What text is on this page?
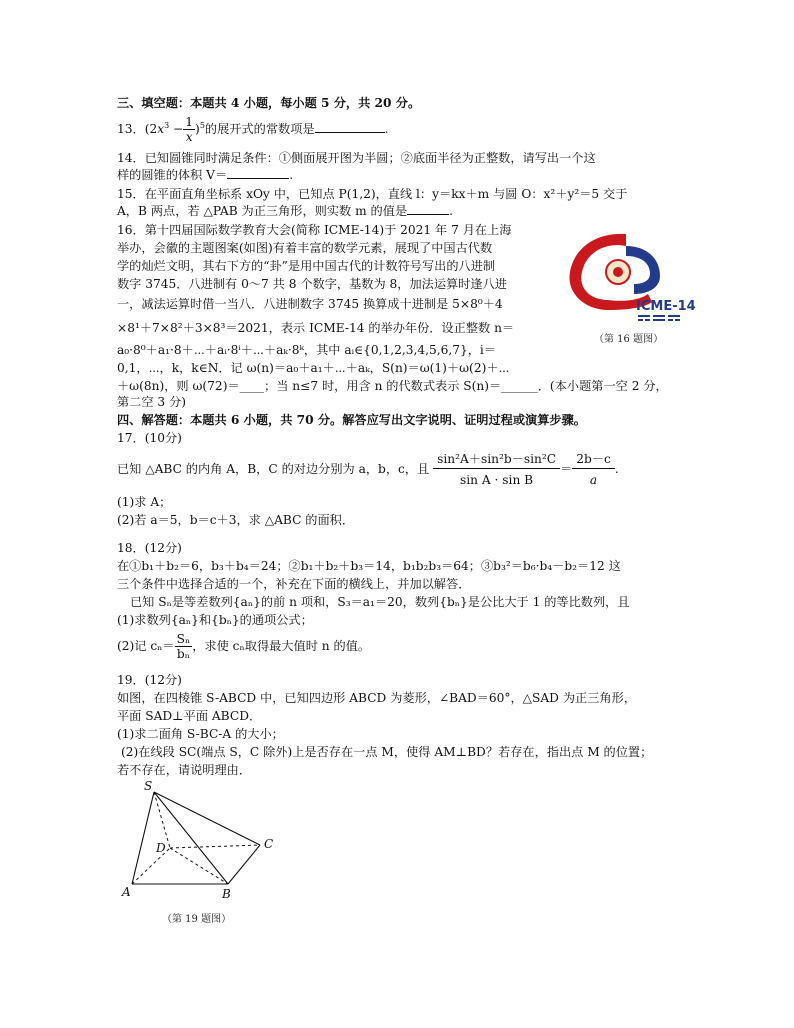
三、填空题：本题共 4 小题，每小题 5 分，共 20 分。
13．$(2x^3 - \frac{1}{x} )^5$的展开式的常数项是	.
14．已知圆锥同时满足条件：①侧面展开图为半圆；②底面半径为正整数，请写出一个这
样的圆锥的体积 V＝	.
15．在平面直角坐标系 xOy 中，已知点 P(1,2)，直线 l：y＝kx＋m 与圆 O：x²＋y²＝5 交于
A，B 两点，若 △PAB 为正三角形，则实数 m 的值是	.
16．第十四届国际数学教育大会(简称 ICME-14)于 2021 年 7 月在上海
举办，会徽的主题图案(如图)有着丰富的数学元素，展现了中国古代数
学的灿烂文明，其右下方的“卦”是用中国古代的计数符号写出的八进制
数字 3745．八进制有 0～7 共 8 个数字，基数为 8，加法运算时逢八进
一，减法运算时借一当八．八进制数字 3745 换算成十进制是 5×8⁰＋4
×8¹＋7×8²＋3×8³＝2021，表示 ICME-14 的举办年份．设正整数 n＝
a₀·8⁰＋a₁·8＋⋯＋aᵢ·8ⁱ＋⋯＋aₖ·8ᵏ，其中 aᵢ∈{0,1,2,3,4,5,6,7}，i＝
0,1，⋯，k，k∈N．记 ω(n)＝a₀＋a₁＋⋯＋aₖ，S(n)＝ω(1)＋ω(2)＋⋯
＋ω(8n)，则 ω(72)＝____；当 n≤7 时，用含 n 的代数式表示 S(n)＝______．(本小题第一空 2 分，
第二空 3 分)
ICME-14
（第 16 题图）
四、解答题：本题共 6 小题，共 70 分。解答应写出文字说明、证明过程或演算步骤。
17．(10分)
已知 △ABC 的内角 A，B，C 的对边分别为 a，b，c，且 $\frac{\text{sin²A＋sin²b－sin²C}}{\text{sin A · sin B}} = \frac{2b-c}{a}$ .
(1)求 A；
(2)若 a＝5，b＝c＋3，求 △ABC 的面积．
18．(12分)
在①b₁＋b₂＝6，b₃＋b₄＝24；②b₁＋b₂＋b₃＝14，b₁b₂b₃＝64；③b₃²＝b₆·b₄－b₂＝12 这
三个条件中选择合适的一个，补充在下面的横线上，并加以解答．
已知 Sₙ是等差数列{aₙ}的前 n 项和，S₃＝a₁＝20，数列{bₙ}是公比大于 1 的等比数列，且
(1)求数列{aₙ}和{bₙ}的通项公式；
(2)记 $c_n= \frac{\text{Sₙ}}{\text{bₙ}}$ ，求使 cₙ取得最大值时 n 的值。
19．(12分)
如图，在四棱锥 S-ABCD 中，已知四边形 ABCD 为菱形，∠BAD＝60°，△SAD 为正三角形，
平面 SAD⊥平面 ABCD．
(1)求二面角 S-BC-A 的大小；
(2)在线段 SC(端点 S，C 除外)上是否存在一点 M，使得 AM⊥BD？若存在，指出点 M 的位置；
若不存在，请说明理由．
S
D	C
A	B
（第 19 题图）
